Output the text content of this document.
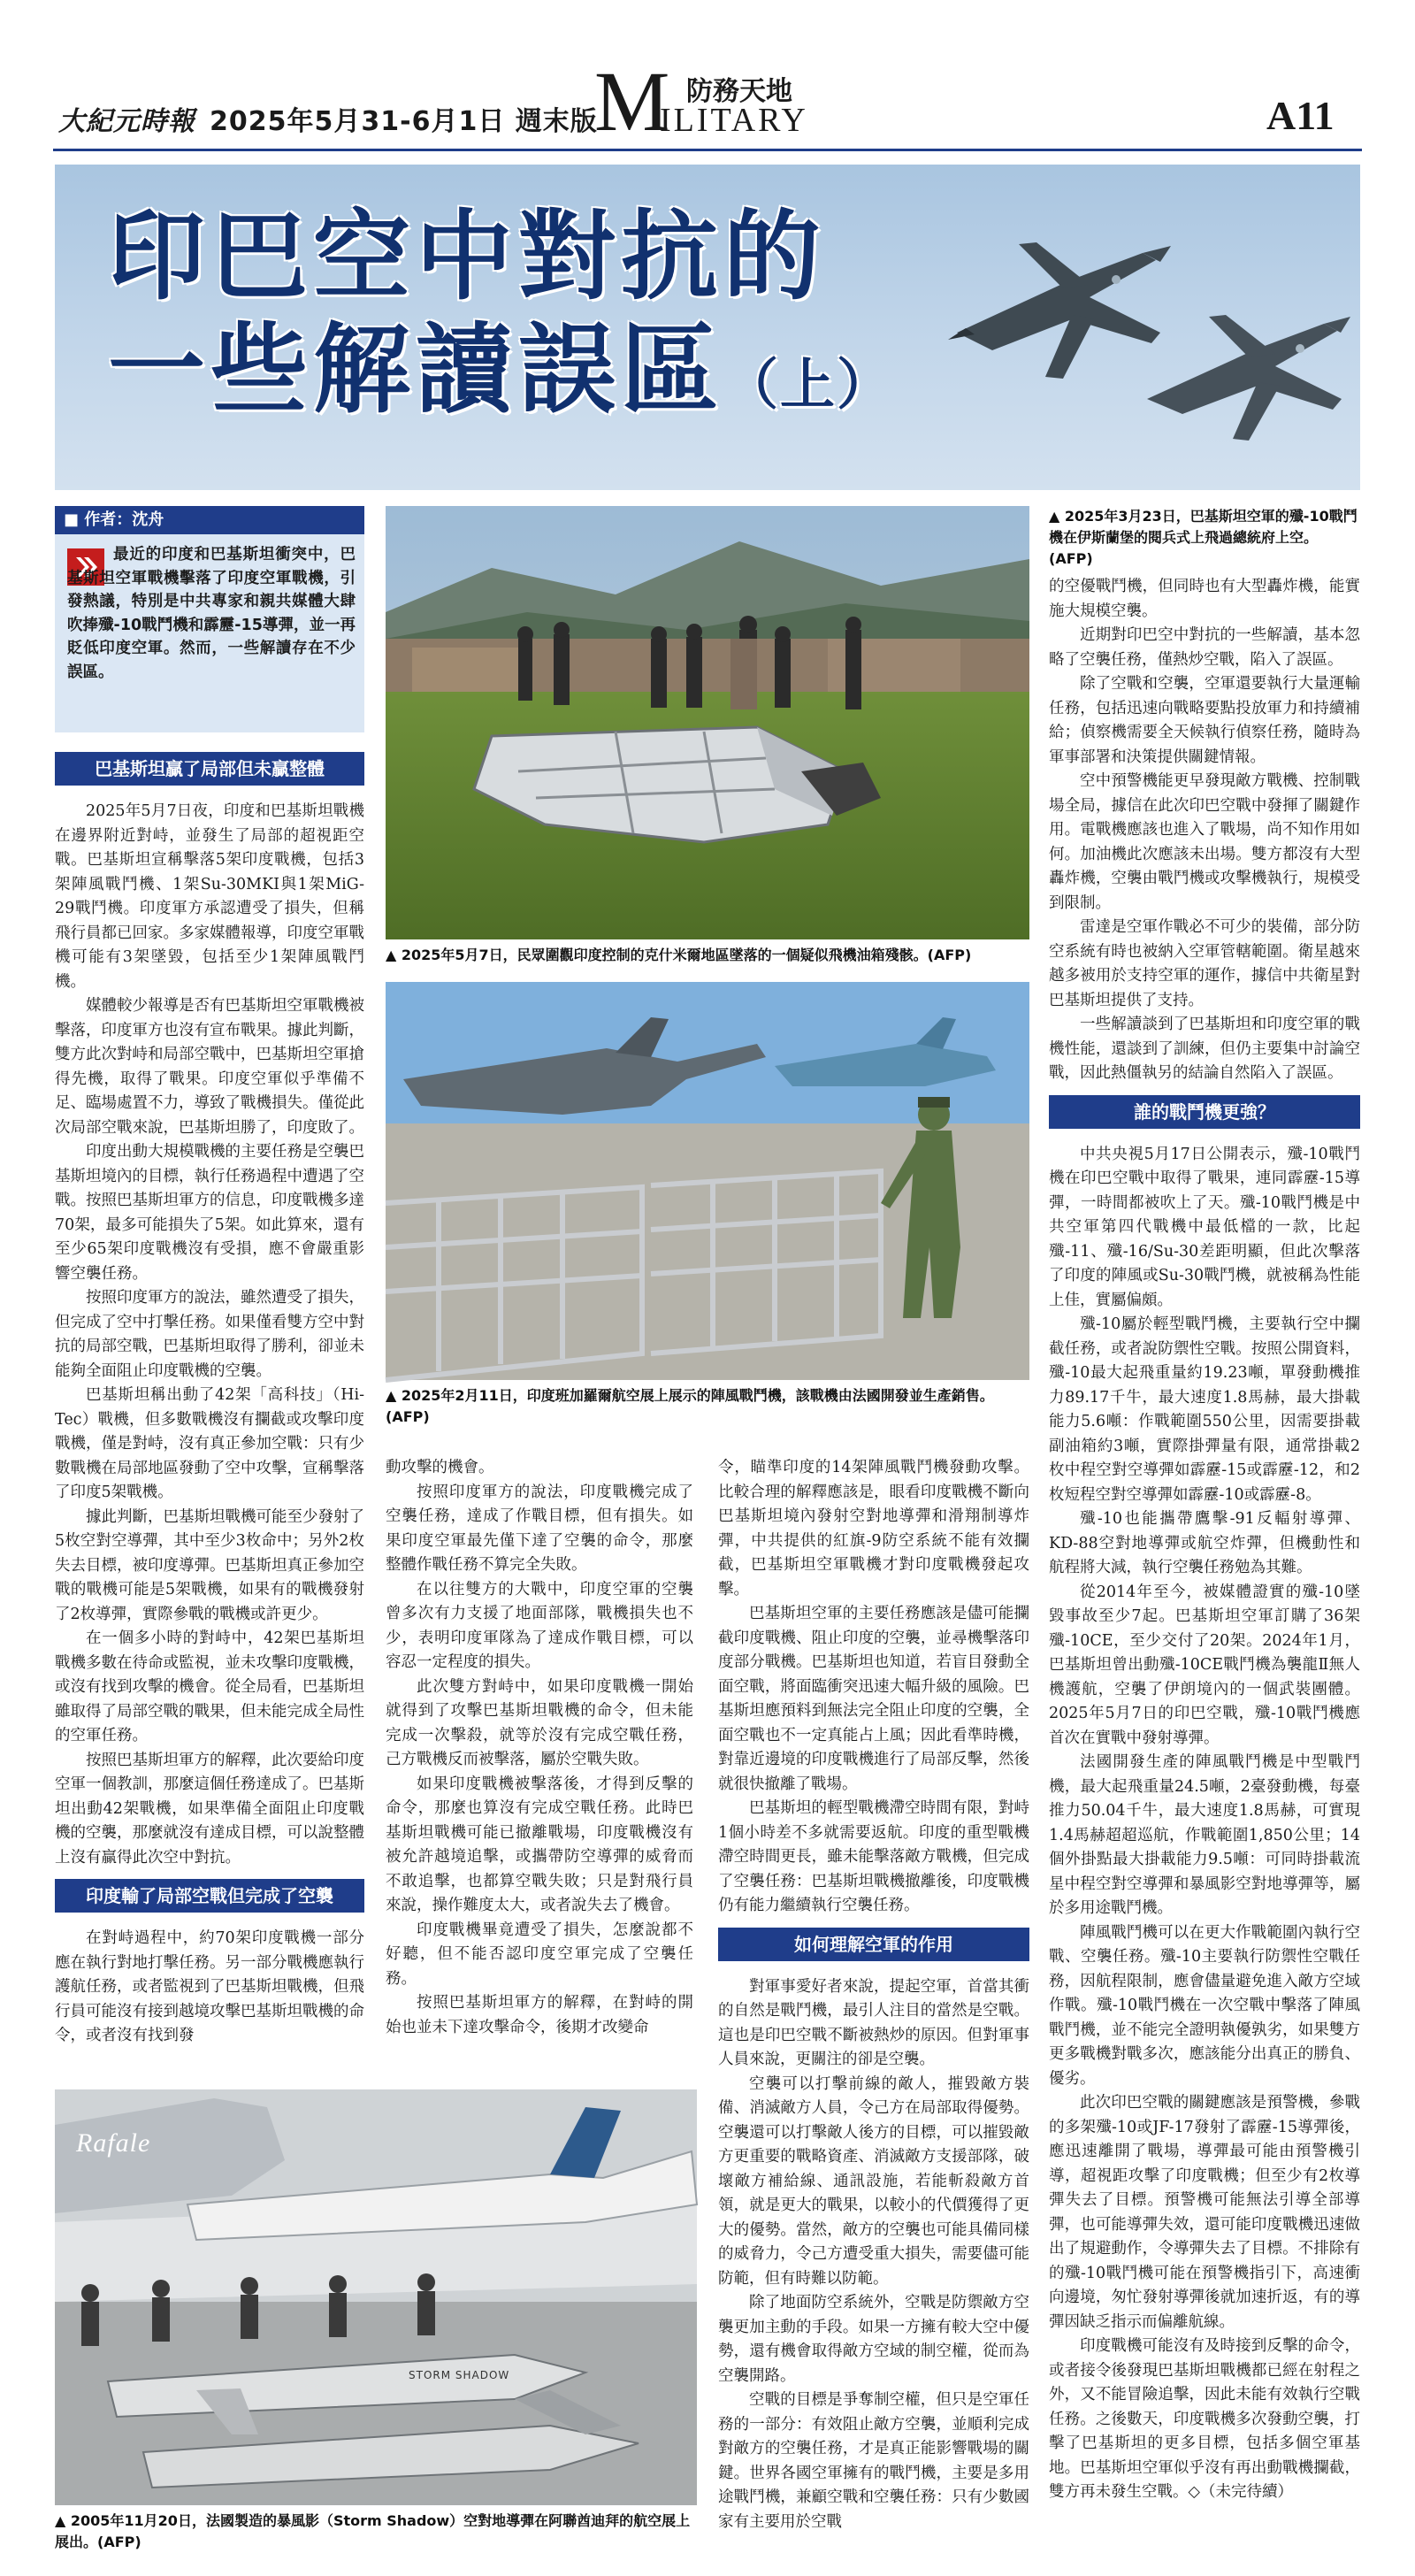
大紀元時報 2025年5月31-6月1日 週末版
M 防務天地
ILITARY	A11
印巴空中對抗的
一些解讀誤區（上）
■ 作者：沈舟

最近的印度和巴基斯坦衝突中，巴基斯坦空軍戰機擊落了印度空軍戰機，引發熱議，特別是中共專家和親共媒體大肆吹捧殲-10戰鬥機和霹靂-15導彈，並一再貶低印度空軍。然而，一些解讀存在不少誤區。

巴基斯坦贏了局部但未贏整體

2025年5月7日夜，印度和巴基斯坦戰機在邊界附近對峙，並發生了局部的超視距空戰。巴基斯坦宣稱擊落5架印度戰機，包括3架陣風戰鬥機、1架Su-30MKI與1架MiG-29戰鬥機。印度軍方承認遭受了損失，但稱飛行員都已回家。多家媒體報導，印度空軍戰機可能有3架墜毀，包括至少1架陣風戰鬥機。

媒體較少報導是否有巴基斯坦空軍戰機被擊落，印度軍方也沒有宣布戰果。據此判斷，雙方此次對峙和局部空戰中，巴基斯坦空軍搶得先機，取得了戰果。印度空軍似乎準備不足、臨場處置不力，導致了戰機損失。僅從此次局部空戰來說，巴基斯坦勝了，印度敗了。

印度出動大規模戰機的主要任務是空襲巴基斯坦境內的目標，執行任務過程中遭遇了空戰。按照巴基斯坦軍方的信息，印度戰機多達70架，最多可能損失了5架。如此算來，還有至少65架印度戰機沒有受損，應不會嚴重影響空襲任務。

按照印度軍方的說法，雖然遭受了損失，但完成了空中打擊任務。如果僅看雙方空中對抗的局部空戰，巴基斯坦取得了勝利，卻並未能夠全面阻止印度戰機的空襲。

巴基斯坦稱出動了42架「高科技」（Hi-Tec）戰機，但多數戰機沒有攔截或攻擊印度戰機，僅是對峙，沒有真正參加空戰：只有少數戰機在局部地區發動了空中攻擊，宣稱擊落了印度5架戰機。

據此判斷，巴基斯坦戰機可能至少發射了5枚空對空導彈，其中至少3枚命中；另外2枚失去目標，被印度導彈。巴基斯坦真正參加空戰的戰機可能是5架戰機，如果有的戰機發射了2枚導彈，實際參戰的戰機或許更少。

在一個多小時的對峙中，42架巴基斯坦戰機多數在待命或監視，並未攻擊印度戰機，或沒有找到攻擊的機會。從全局看，巴基斯坦雖取得了局部空戰的戰果，但未能完成全局性的空軍任務。

按照巴基斯坦軍方的解釋，此次要給印度空軍一個教訓，那麼這個任務達成了。巴基斯坦出動42架戰機，如果準備全面阻止印度戰機的空襲，那麼就沒有達成目標，可以說整體上沒有贏得此次空中對抗。

印度輸了局部空戰但完成了空襲

在對峙過程中，約70架印度戰機一部分應在執行對地打擊任務。另一部分戰機應執行護航任務，或者監視到了巴基斯坦戰機，但飛行員可能沒有接到越境攻擊巴基斯坦戰機的命令，或者沒有找到發

▲ 2025年5月7日，民眾圍觀印度控制的克什米爾地區墜落的一個疑似飛機油箱殘骸。(AFP)
▲ 2025年2月11日，印度班加羅爾航空展上展示的陣風戰鬥機，該戰機由法國開發並生產銷售。(AFP)

動攻擊的機會。

按照印度軍方的說法，印度戰機完成了空襲任務，達成了作戰目標，但有損失。如果印度空軍最先僅下達了空襲的命令，那麼整體作戰任務不算完全失敗。

在以往雙方的大戰中，印度空軍的空襲曾多次有力支援了地面部隊，戰機損失也不少，表明印度軍隊為了達成作戰目標，可以容忍一定程度的損失。

此次雙方對峙中，如果印度戰機一開始就得到了攻擊巴基斯坦戰機的命令，但未能完成一次擊殺，就等於沒有完成空戰任務，己方戰機反而被擊落，屬於空戰失敗。

如果印度戰機被擊落後，才得到反擊的命令，那麼也算沒有完成空戰任務。此時巴基斯坦戰機可能已撤離戰場，印度戰機沒有被允許越境追擊，或攜帶防空導彈的威脅而不敢追擊，也都算空戰失敗；只是對飛行員來說，操作難度太大，或者說失去了機會。

印度戰機畢竟遭受了損失，怎麼說都不好聽，但不能否認印度空軍完成了空襲任務。

按照巴基斯坦軍方的解釋，在對峙的開始也並未下達攻擊命令，後期才改變命

令，瞄準印度的14架陣風戰鬥機發動攻擊。比較合理的解釋應該是，眼看印度戰機不斷向巴基斯坦境內發射空對地導彈和滑翔制導炸彈，中共提供的紅旗-9防空系統不能有效攔截，巴基斯坦空軍戰機才對印度戰機發起攻擊。

巴基斯坦空軍的主要任務應該是儘可能攔截印度戰機、阻止印度的空襲，並尋機擊落印度部分戰機。巴基斯坦也知道，若盲目發動全面空戰，將面臨衝突迅速大幅升級的風險。巴基斯坦應預料到無法完全阻止印度的空襲，全面空戰也不一定真能占上風；因此看準時機，對靠近邊境的印度戰機進行了局部反擊，然後就很快撤離了戰場。

巴基斯坦的輕型戰機滯空時間有限，對峙1個小時差不多就需要返航。印度的重型戰機滯空時間更長，雖未能擊落敵方戰機，但完成了空襲任務：巴基斯坦戰機撤離後，印度戰機仍有能力繼續執行空襲任務。

如何理解空軍的作用

對軍事愛好者來說，提起空軍，首當其衝的自然是戰鬥機，最引人注目的當然是空戰。這也是印巴空戰不斷被熱炒的原因。但對軍事人員來說，更關注的卻是空襲。

空襲可以打擊前線的敵人，摧毀敵方裝備、消滅敵方人員，令己方在局部取得優勢。空襲還可以打擊敵人後方的目標，可以摧毀敵方更重要的戰略資產、消滅敵方支援部隊，破壞敵方補給線、通訊設施，若能斬殺敵方首領，就是更大的戰果，以較小的代價獲得了更大的優勢。當然，敵方的空襲也可能具備同樣的威脅力，令己方遭受重大損失，需要儘可能防範，但有時難以防範。

除了地面防空系統外，空戰是防禦敵方空襲更加主動的手段。如果一方擁有較大空中優勢，還有機會取得敵方空域的制空權，從而為空襲開路。

空戰的目標是爭奪制空權，但只是空軍任務的一部分：有效阻止敵方空襲，並順利完成對敵方的空襲任務，才是真正能影響戰場的關鍵。世界各國空軍擁有的戰鬥機，主要是多用途戰鬥機，兼顧空戰和空襲任務：只有少數國家有主要用於空戰

Rafale
STORM SHADOW
▲ 2005年11月20日，法國製造的暴風影（Storm Shadow）空對地導彈在阿聯酋迪拜的航空展上展出。(AFP)
▲ 2025年3月23日，巴基斯坦空軍的殲-10戰鬥機在伊斯蘭堡的閱兵式上飛過總統府上空。(AFP)

的空優戰鬥機，但同時也有大型轟炸機，能實施大規模空襲。

近期對印巴空中對抗的一些解讀，基本忽略了空襲任務，僅熱炒空戰，陷入了誤區。

除了空戰和空襲，空軍還要執行大量運輸任務，包括迅速向戰略要點投放軍力和持續補給；偵察機需要全天候執行偵察任務，隨時為軍事部署和決策提供關鍵情報。

空中預警機能更早發現敵方戰機、控制戰場全局，據信在此次印巴空戰中發揮了關鍵作用。電戰機應該也進入了戰場，尚不知作用如何。加油機此次應該未出場。雙方都沒有大型轟炸機，空襲由戰鬥機或攻擊機執行，規模受到限制。

雷達是空軍作戰必不可少的裝備，部分防空系統有時也被納入空軍管轄範圍。衛星越來越多被用於支持空軍的運作，據信中共衛星對巴基斯坦提供了支持。

一些解讀談到了巴基斯坦和印度空軍的戰機性能，還談到了訓練，但仍主要集中討論空戰，因此熱僵執另的結論自然陷入了誤區。

誰的戰鬥機更強？

中共央視5月17日公開表示，殲-10戰鬥機在印巴空戰中取得了戰果，連同霹靂-15導彈，一時間都被吹上了天。殲-10戰鬥機是中共空軍第四代戰機中最低檔的一款，比起殲-11、殲-16/Su-30差距明顯，但此次擊落了印度的陣風或Su-30戰鬥機，就被稱為性能上佳，實屬偏頗。

殲-10屬於輕型戰鬥機，主要執行空中攔截任務，或者說防禦性空戰。按照公開資料，殲-10最大起飛重量約19.23噸，單發動機推力89.17千牛，最大速度1.8馬赫，最大掛載能力5.6噸：作戰範圍550公里，因需要掛載副油箱約3噸，實際掛彈量有限，通常掛載2枚中程空對空導彈如霹靂-15或霹靂-12，和2枚短程空對空導彈如霹靂-10或霹靂-8。

殲-10也能攜帶鷹擊-91反輻射導彈、KD-88空對地導彈或航空炸彈，但機動性和航程將大減，執行空襲任務勉為其難。

從2014年至今，被媒體證實的殲-10墜毀事故至少7起。巴基斯坦空軍訂購了36架殲-10CE，至少交付了20架。2024年1月，巴基斯坦曾出動殲-10CE戰鬥機為襲龍Ⅱ無人機護航，空襲了伊朗境內的一個武裝團體。2025年5月7日的印巴空戰，殲-10戰鬥機應首次在實戰中發射導彈。

法國開發生產的陣風戰鬥機是中型戰鬥機，最大起飛重量24.5噸，2臺發動機，每臺推力50.04千牛，最大速度1.8馬赫，可實現1.4馬赫超超巡航，作戰範圍1,850公里；14個外掛點最大掛載能力9.5噸：可同時掛載流星中程空對空導彈和暴風影空對地導彈等，屬於多用途戰鬥機。

陣風戰鬥機可以在更大作戰範圍內執行空戰、空襲任務。殲-10主要執行防禦性空戰任務，因航程限制，應會儘量避免進入敵方空域作戰。殲-10戰鬥機在一次空戰中擊落了陣風戰鬥機，並不能完全證明執優孰劣，如果雙方更多戰機對戰多次，應該能分出真正的勝負、優劣。

此次印巴空戰的關鍵應該是預警機，參戰的多架殲-10或JF-17發射了霹靂-15導彈後，應迅速離開了戰場，導彈最可能由預警機引導，超視距攻擊了印度戰機；但至少有2枚導彈失去了目標。預警機可能無法引導全部導彈，也可能導彈失效，還可能印度戰機迅速做出了規避動作，令導彈失去了目標。不排除有的殲-10戰鬥機可能在預警機指引下，高速衝向邊境，匆忙發射導彈後就加速折返，有的導彈因缺乏指示而偏離航線。

印度戰機可能沒有及時接到反擊的命令，或者接令後發現巴基斯坦戰機都已經在射程之外，又不能冒險追擊，因此未能有效執行空戰任務。之後數天，印度戰機多次發動空襲，打擊了巴基斯坦的更多目標，包括多個空軍基地。巴基斯坦空軍似乎沒有再出動戰機攔截，雙方再未發生空戰。◇（未完待續）
